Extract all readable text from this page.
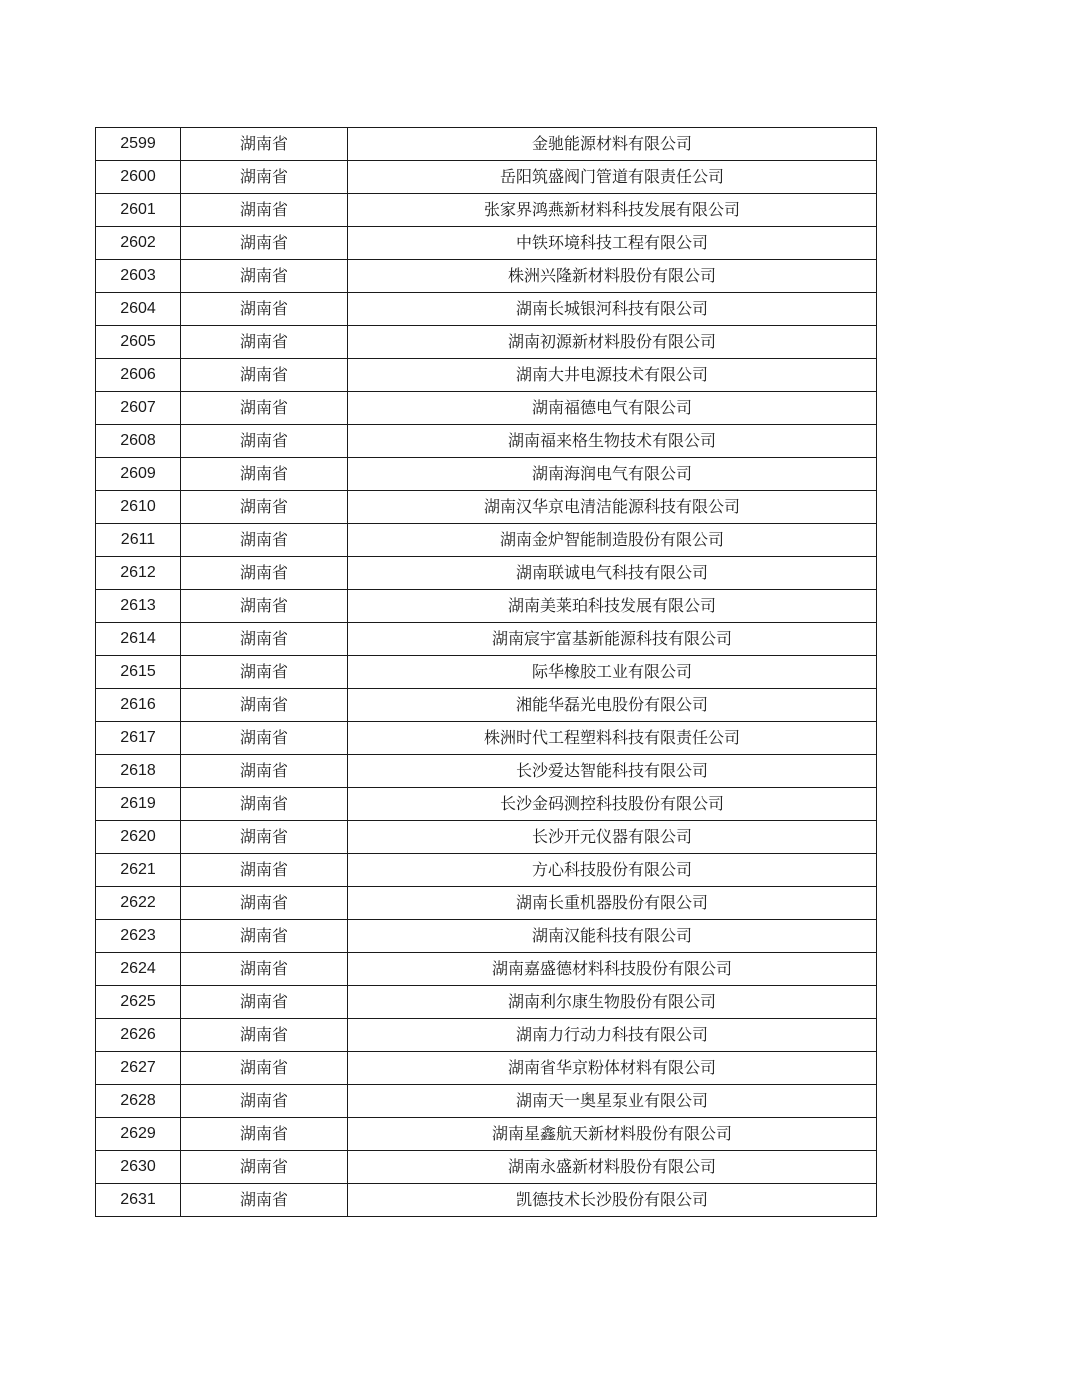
2599	湖南省	金驰能源材料有限公司
2600	湖南省	岳阳筑盛阀门管道有限责任公司
2601	湖南省	张家界鸿燕新材料科技发展有限公司
2602	湖南省	中铁环境科技工程有限公司
2603	湖南省	株洲兴隆新材料股份有限公司
2604	湖南省	湖南长城银河科技有限公司
2605	湖南省	湖南初源新材料股份有限公司
2606	湖南省	湖南大井电源技术有限公司
2607	湖南省	湖南福德电气有限公司
2608	湖南省	湖南福来格生物技术有限公司
2609	湖南省	湖南海润电气有限公司
2610	湖南省	湖南汉华京电清洁能源科技有限公司
2611	湖南省	湖南金炉智能制造股份有限公司
2612	湖南省	湖南联诚电气科技有限公司
2613	湖南省	湖南美莱珀科技发展有限公司
2614	湖南省	湖南宸宇富基新能源科技有限公司
2615	湖南省	际华橡胶工业有限公司
2616	湖南省	湘能华磊光电股份有限公司
2617	湖南省	株洲时代工程塑料科技有限责任公司
2618	湖南省	长沙爱达智能科技有限公司
2619	湖南省	长沙金码测控科技股份有限公司
2620	湖南省	长沙开元仪器有限公司
2621	湖南省	方心科技股份有限公司
2622	湖南省	湖南长重机器股份有限公司
2623	湖南省	湖南汉能科技有限公司
2624	湖南省	湖南嘉盛德材料科技股份有限公司
2625	湖南省	湖南利尔康生物股份有限公司
2626	湖南省	湖南力行动力科技有限公司
2627	湖南省	湖南省华京粉体材料有限公司
2628	湖南省	湖南天一奥星泵业有限公司
2629	湖南省	湖南星鑫航天新材料股份有限公司
2630	湖南省	湖南永盛新材料股份有限公司
2631	湖南省	凯德技术长沙股份有限公司
